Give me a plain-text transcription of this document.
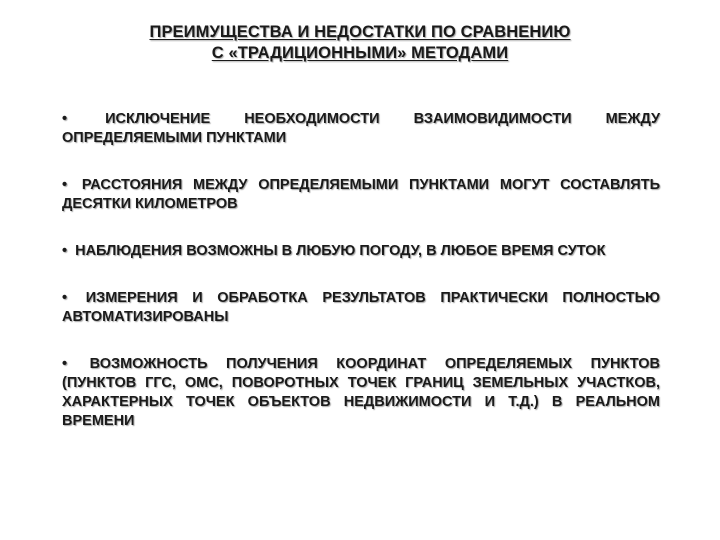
ПРЕИМУЩЕСТВА И НЕДОСТАТКИ ПО СРАВНЕНИЮ
С «ТРАДИЦИОННЫМИ» МЕТОДАМИ
•	ИСКЛЮЧЕНИЕ НЕОБХОДИМОСТИ ВЗАИМОВИДИМОСТИ МЕЖДУ ОПРЕДЕЛЯЕМЫМИ ПУНКТАМИ
• РАССТОЯНИЯ МЕЖДУ ОПРЕДЕЛЯЕМЫМИ ПУНКТАМИ МОГУТ СОСТАВЛЯТЬ ДЕСЯТКИ КИЛОМЕТРОВ
• НАБЛЮДЕНИЯ ВОЗМОЖНЫ В ЛЮБУЮ ПОГОДУ, В ЛЮБОЕ ВРЕМЯ СУТОК
• ИЗМЕРЕНИЯ И ОБРАБОТКА РЕЗУЛЬТАТОВ ПРАКТИЧЕСКИ ПОЛНОСТЬЮ АВТОМАТИЗИРОВАНЫ
• ВОЗМОЖНОСТЬ ПОЛУЧЕНИЯ КООРДИНАТ ОПРЕДЕЛЯЕМЫХ ПУНКТОВ (ПУНКТОВ ГГС, ОМС, ПОВОРОТНЫХ ТОЧЕК ГРАНИЦ ЗЕМЕЛЬНЫХ УЧАСТКОВ, ХАРАКТЕРНЫХ ТОЧЕК ОБЪЕКТОВ НЕДВИЖИМОСТИ И Т.Д.) В РЕАЛЬНОМ ВРЕМЕНИ
